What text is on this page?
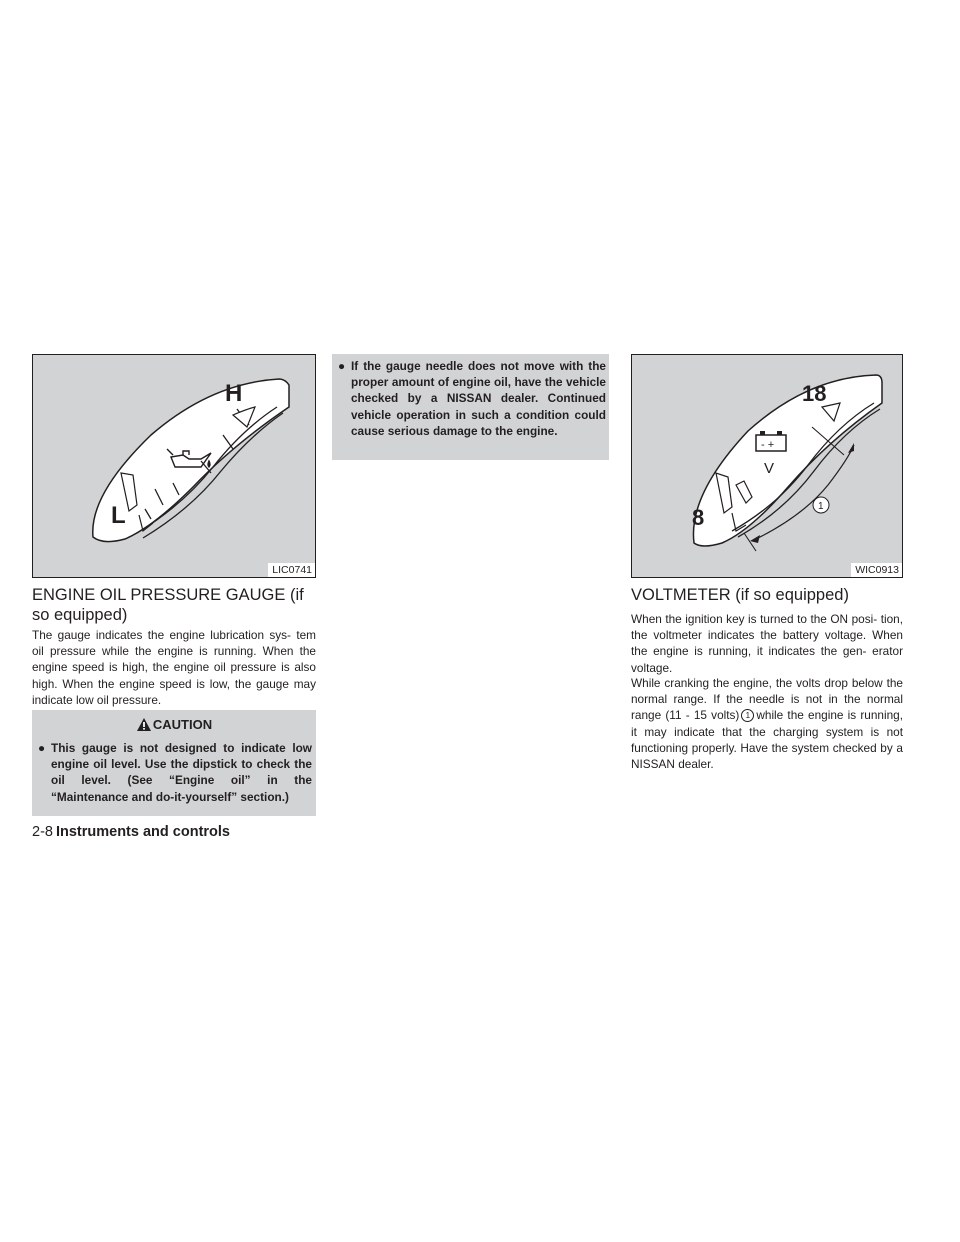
H
L
LIC0741
ENGINE OIL PRESSURE GAUGE (if
so equipped)

The gauge indicates the engine lubrication sys- tem oil pressure while the engine is running. When the engine speed is high, the engine oil pressure is also high. When the engine speed is low, the gauge may indicate low oil pressure.

CAUTION
● This gauge is not designed to indicate low engine oil level. Use the dipstick to check the oil level. (See “Engine oil” in the “Maintenance and do-it-yourself” section.)
● If the gauge needle does not move with the proper amount of engine oil, have the vehicle checked by a NISSAN dealer. Continued vehicle operation in such a condition could cause serious damage to the engine.
18
8
- +
V
1
WIC0913
VOLTMETER (if so equipped)

When the ignition key is turned to the ON posi- tion, the voltmeter indicates the battery voltage. When the engine is running, it indicates the gen- erator voltage.

While cranking the engine, the volts drop below the normal range. If the needle is not in the normal range (11 - 15 volts) 1 while the engine is running, it may indicate that the charging system is not functioning properly. Have the system checked by a NISSAN dealer.

2-8 Instruments and controls
